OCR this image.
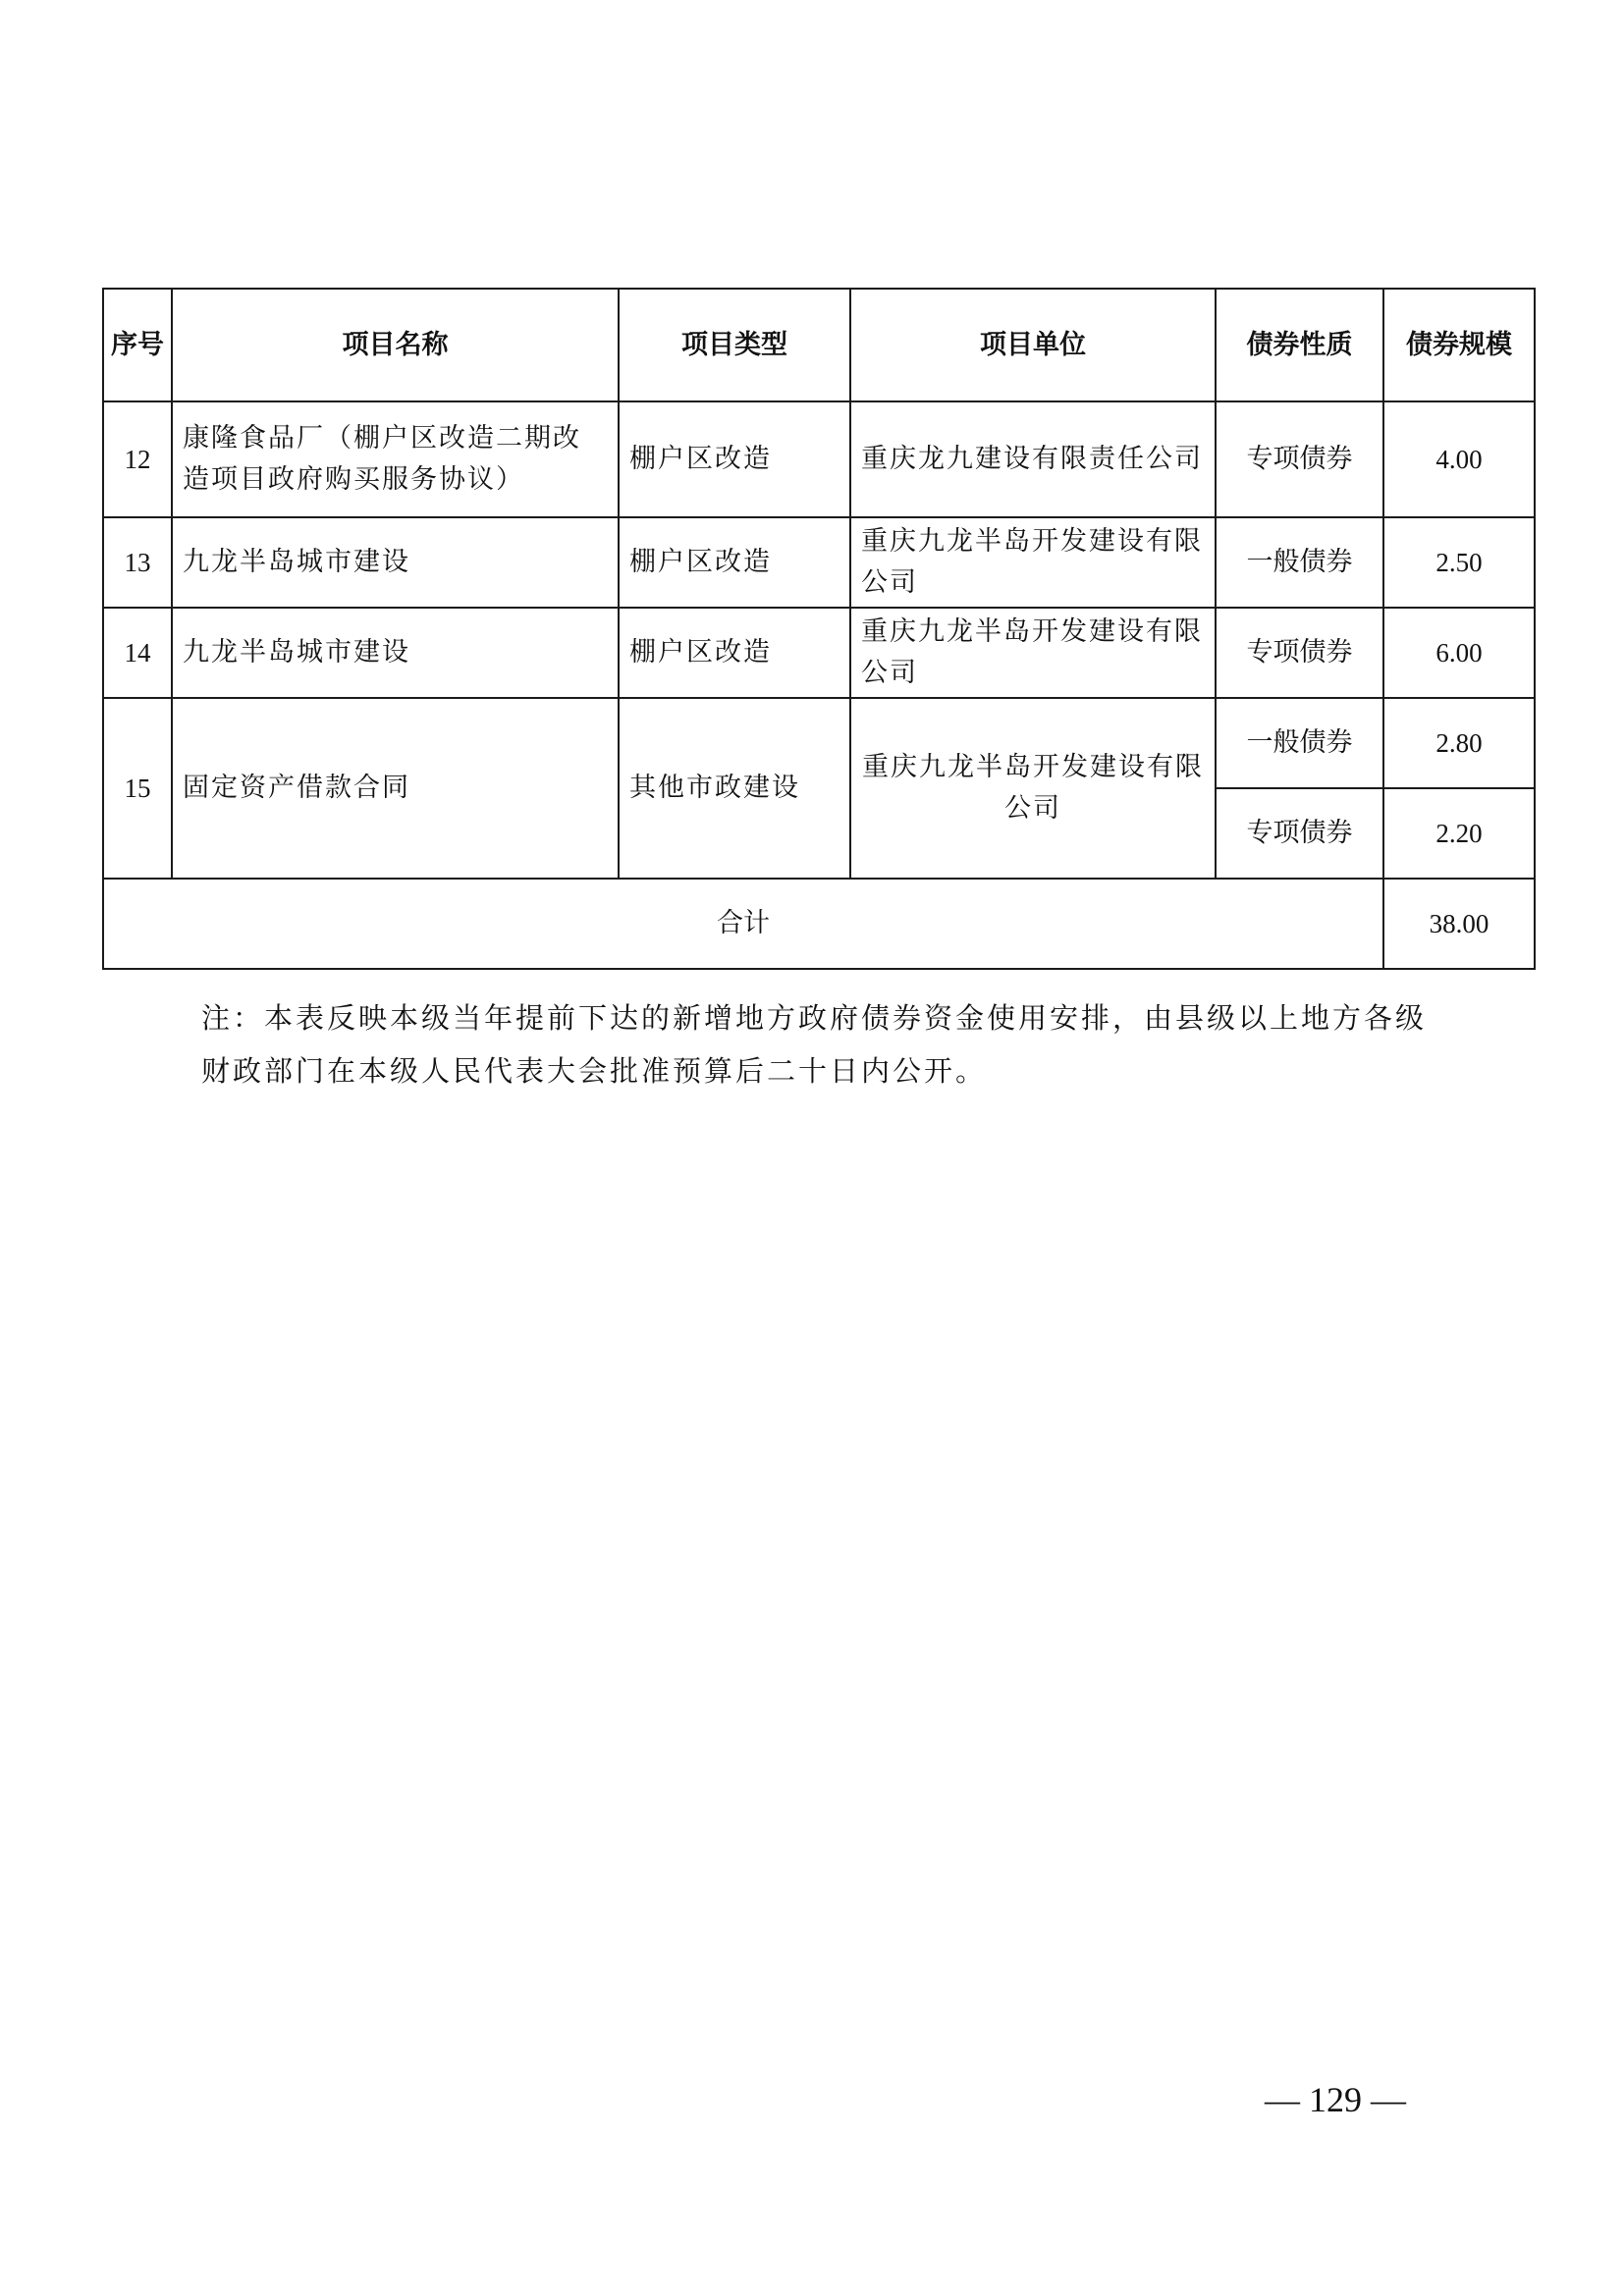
序号	项目名称	项目类型	项目单位	债券性质	债券规模
12	康隆食品厂（棚户区改造二期改造项目政府购买服务协议）	棚户区改造	重庆龙九建设有限责任公司	专项债券	4.00
13	九龙半岛城市建设	棚户区改造	重庆九龙半岛开发建设有限公司	一般债券	2.50
14	九龙半岛城市建设	棚户区改造	重庆九龙半岛开发建设有限公司	专项债券	6.00
15	固定资产借款合同	其他市政建设	重庆九龙半岛开发建设有限公司	一般债券	2.80
				专项债券	2.20
合计					38.00
注：本表反映本级当年提前下达的新增地方政府债券资金使用安排，由县级以上地方各级财政部门在本级人民代表大会批准预算后二十日内公开。
— 129 —
